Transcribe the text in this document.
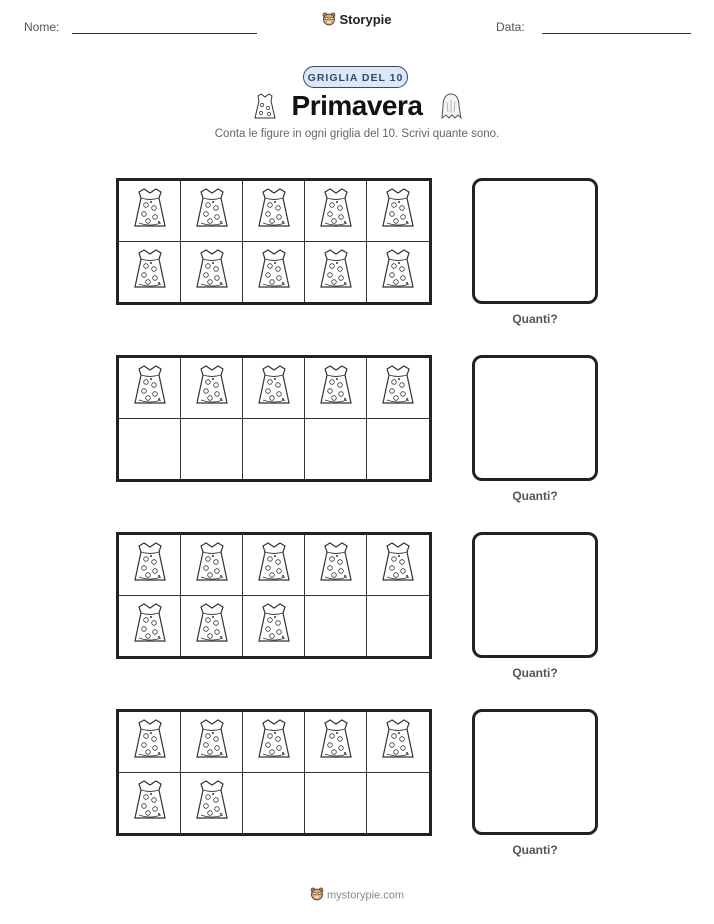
Nome:	Storypie	Data:
GRIGLIA DEL 10
Primavera
Conta le figure in ogni griglia del 10. Scrivi quante sono.
Quanti?
Quanti?
Quanti?
Quanti?
mystorypie.com
